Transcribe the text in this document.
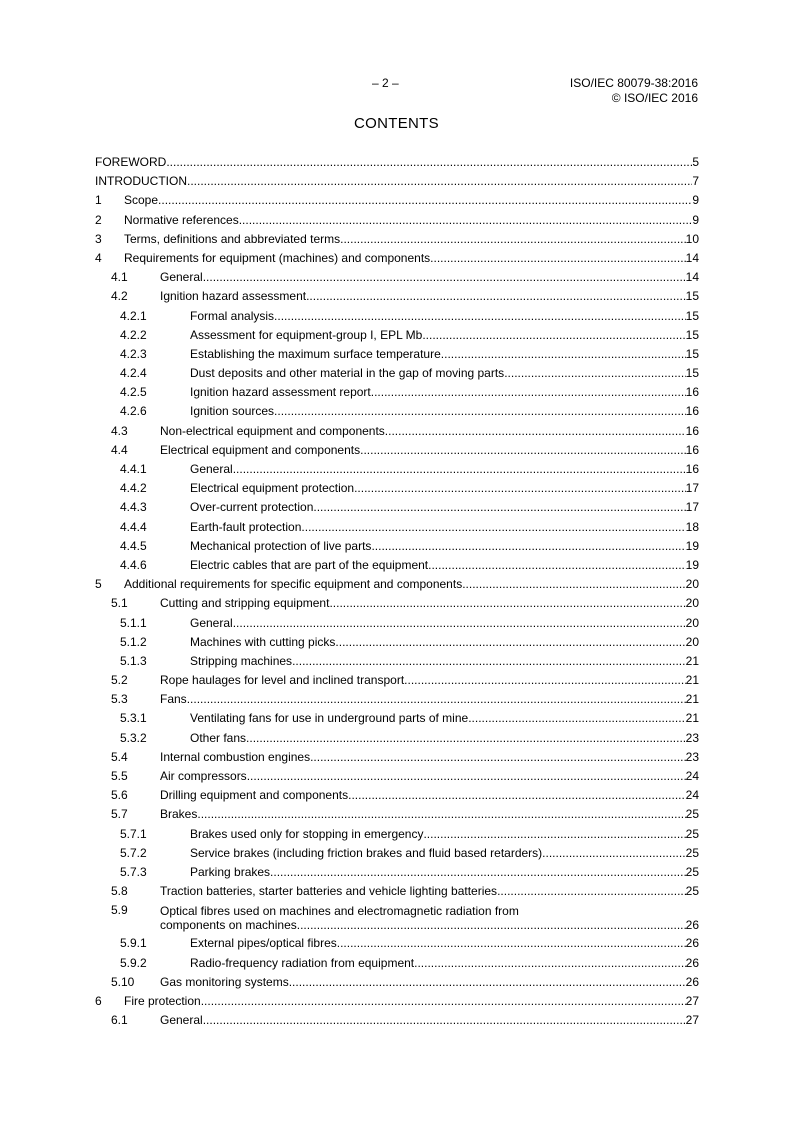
– 2 –	ISO/IEC 80079-38:2016
© ISO/IEC 2016
CONTENTS
FOREWORD .....	5
INTRODUCTION .....	7
1 Scope .....	9
2 Normative references .....	9
3 Terms, definitions and abbreviated terms .....	10
4 Requirements for equipment (machines) and components .....	14
4.1	General .....	14
4.2	Ignition hazard assessment .....	15
4.2.1	Formal analysis .....	15
4.2.2	Assessment for equipment-group I, EPL Mb .....	15
4.2.3	Establishing the maximum surface temperature .....	15
4.2.4	Dust deposits and other material in the gap of moving parts .....	15
4.2.5	Ignition hazard assessment report .....	16
4.2.6	Ignition sources .....	16
4.3	Non-electrical equipment and components .....	16
4.4	Electrical equipment and components .....	16
4.4.1	General .....	16
4.4.2	Electrical equipment protection .....	17
4.4.3	Over-current protection .....	17
4.4.4	Earth-fault protection .....	18
4.4.5	Mechanical protection of live parts .....	19
4.4.6	Electric cables that are part of the equipment .....	19
5 Additional requirements for specific equipment and components .....	20
5.1	Cutting and stripping equipment .....	20
5.1.1	General .....	20
5.1.2	Machines with cutting picks .....	20
5.1.3	Stripping machines .....	21
5.2	Rope haulages for level and inclined transport .....	21
5.3	Fans .....	21
5.3.1	Ventilating fans for use in underground parts of mine .....	21
5.3.2	Other fans .....	23
5.4	Internal combustion engines .....	23
5.5	Air compressors .....	24
5.6	Drilling equipment and components .....	24
5.7	Brakes .....	25
5.7.1	Brakes used only for stopping in emergency .....	25
5.7.2	Service brakes (including friction brakes and fluid based retarders) .....	25
5.7.3	Parking brakes .....	25
5.8	Traction batteries, starter batteries and vehicle lighting batteries .....	25
5.9	Optical fibres used on machines and electromagnetic radiation from
components on machines .....	26
5.9.1	External pipes/optical fibres .....	26
5.9.2	Radio-frequency radiation from equipment .....	26
5.10 Gas monitoring systems .....	26
6 Fire protection .....	27
6.1	General .....	27
